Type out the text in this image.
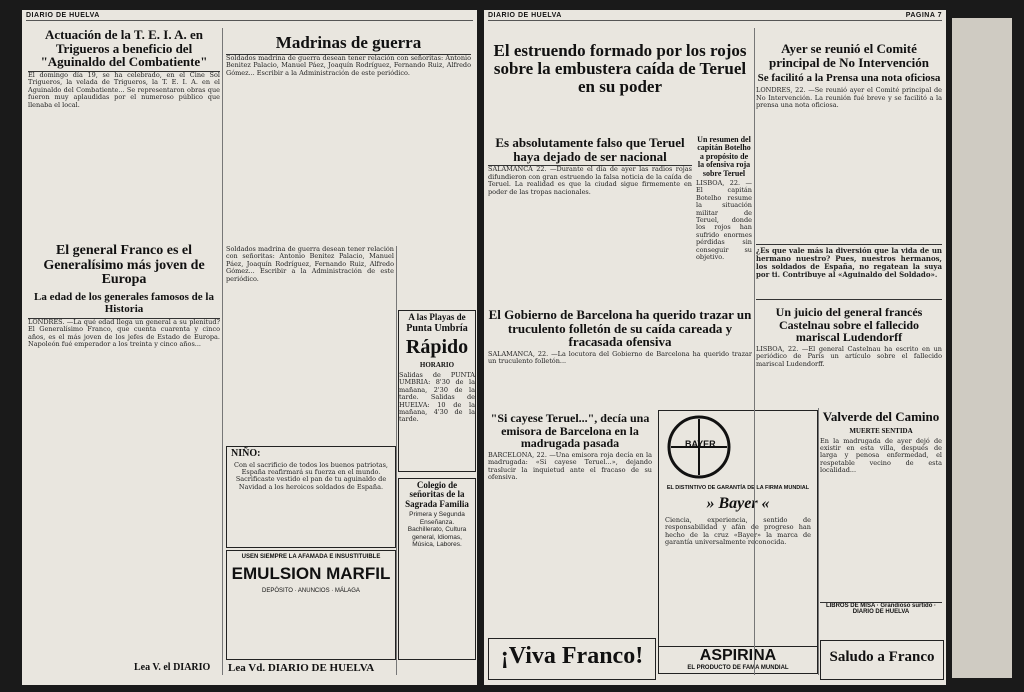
DIARIO DE HUELVA
Actuación de la T. E. I. A. en Trigueros a beneficio del "Aguinaldo del Combatiente"

El domingo día 19, se ha celebrado, en el Cine Sol Trigueros, la velada de Trigueros, la T. E. I. A. en el Aguinaldo del Combatiente... Se representaron obras que fueron muy aplaudidas por el numeroso público que llenaba el local.

Madrinas de guerra

Soldados madrina de guerra desean tener relación con señoritas: Antonio Benitez Palacio, Manuel Páez, Joaquín Rodríguez, Fernando Ruiz, Alfredo Gómez... Escribir a la Administración de este periódico.

El general Franco es el Generalísimo más joven de Europa
La edad de los generales famosos de la Historia

LONDRES. —La qué edad llega un general a su plenitud? El Generalísimo Franco, que cuenta cuarenta y cinco años, es el más joven de los jefes de Estado de Europa. Napoleón fué emperador a los treinta y cinco años...

Soldados madrina de guerra desean tener relación con señoritas: Antonio Benitez Palacio, Manuel Páez, Joaquín Rodríguez, Fernando Ruiz, Alfredo Gómez... Escribir a la Administración de este periódico.

A las Playas de
Punta Umbría
Rápido
HORARIO

Salidas de PUNTA UMBRIA: 8'30 de la mañana, 2'30 de la tarde. Salidas de HUELVA: 10 de la mañana, 4'30 de la tarde.

NIÑO:

Con el sacrificio de todos los buenos patriotas, España reafirmará su fuerza en el mundo. Sacrificaste vestido el pan de tu aguinaldo de Navidad a los heroicos soldados de España.

USEN SIEMPRE LA AFAMADA E INSUSTITUIBLE
EMULSION MARFIL
DEPÓSITO · ANUNCIOS · MÁLAGA
Colegio de señoritas de la Sagrada Familia

Primera y Segunda Enseñanza. Bachillerato, Cultura general, Idiomas, Música, Labores.

Lea V. el DIARIO	Lea Vd. DIARIO DE HUELVA
DIARIO DE HUELVA	PAGINA 7
El estruendo formado por los rojos sobre la embustera caída de Teruel en su poder
Es absolutamente falso que Teruel haya dejado de ser nacional

SALAMANCA 22. —Durante el día de ayer las radios rojas difundieron con gran estruendo la falsa noticia de la caída de Teruel. La realidad es que la ciudad sigue firmemente en poder de las tropas nacionales.

Un resumen del capitán Botelho a propósito de la ofensiva roja sobre Teruel

LISBOA, 22. —El capitán Botelho resume la situación militar de Teruel, donde los rojos han sufrido enormes pérdidas sin conseguir su objetivo.

Ayer se reunió el Comité principal de No Intervención
Se facilitó a la Prensa una nota oficiosa

LONDRES, 22. —Se reunió ayer el Comité principal de No Intervención. La reunión fué breve y se facilitó a la prensa una nota oficiosa.

¿Es que vale más la diversión que la vida de un hermano nuestro? Pues, nuestros hermanos, los soldados de España, no regatean la suya por ti. Contribuye al «Aguinaldo del Soldado».

El Gobierno de Barcelona ha querido trazar un truculento folletón de su caída careada y fracasada ofensiva

SALAMANCA, 22. —La locutora del Gobierno de Barcelona ha querido trazar un truculento folletón...

Un juicio del general francés Castelnau sobre el fallecido mariscal Ludendorff

LISBOA, 22. —El general Castelnau ha escrito en un periódico de París un artículo sobre el fallecido mariscal Ludendorff.

"Si cayese Teruel...", decía una emisora de Barcelona en la madrugada pasada

BARCELONA, 22. —Una emisora roja decía en la madrugada: «Si cayese Teruel...», dejando traslucir la inquietud ante el fracaso de su ofensiva.

BAYER
EL DISTINTIVO DE GARANTÍA DE LA FIRMA MUNDIAL
» Bayer «

Ciencia, experiencia, sentido de responsabilidad y afán de progreso han hecho de la cruz «Bayer» la marca de garantía universalmente reconocida.

ASPIRINA
EL PRODUCTO DE FAMA MUNDIAL
Valverde del Camino
MUERTE SENTIDA

En la madrugada de ayer dejó de existir en esta villa, después de larga y penosa enfermedad, el respetable vecino de esta localidad...

LIBROS DE MISA · Grandioso surtido · DIARIO DE HUELVA
¡Viva Franco!	Saludo a Franco
